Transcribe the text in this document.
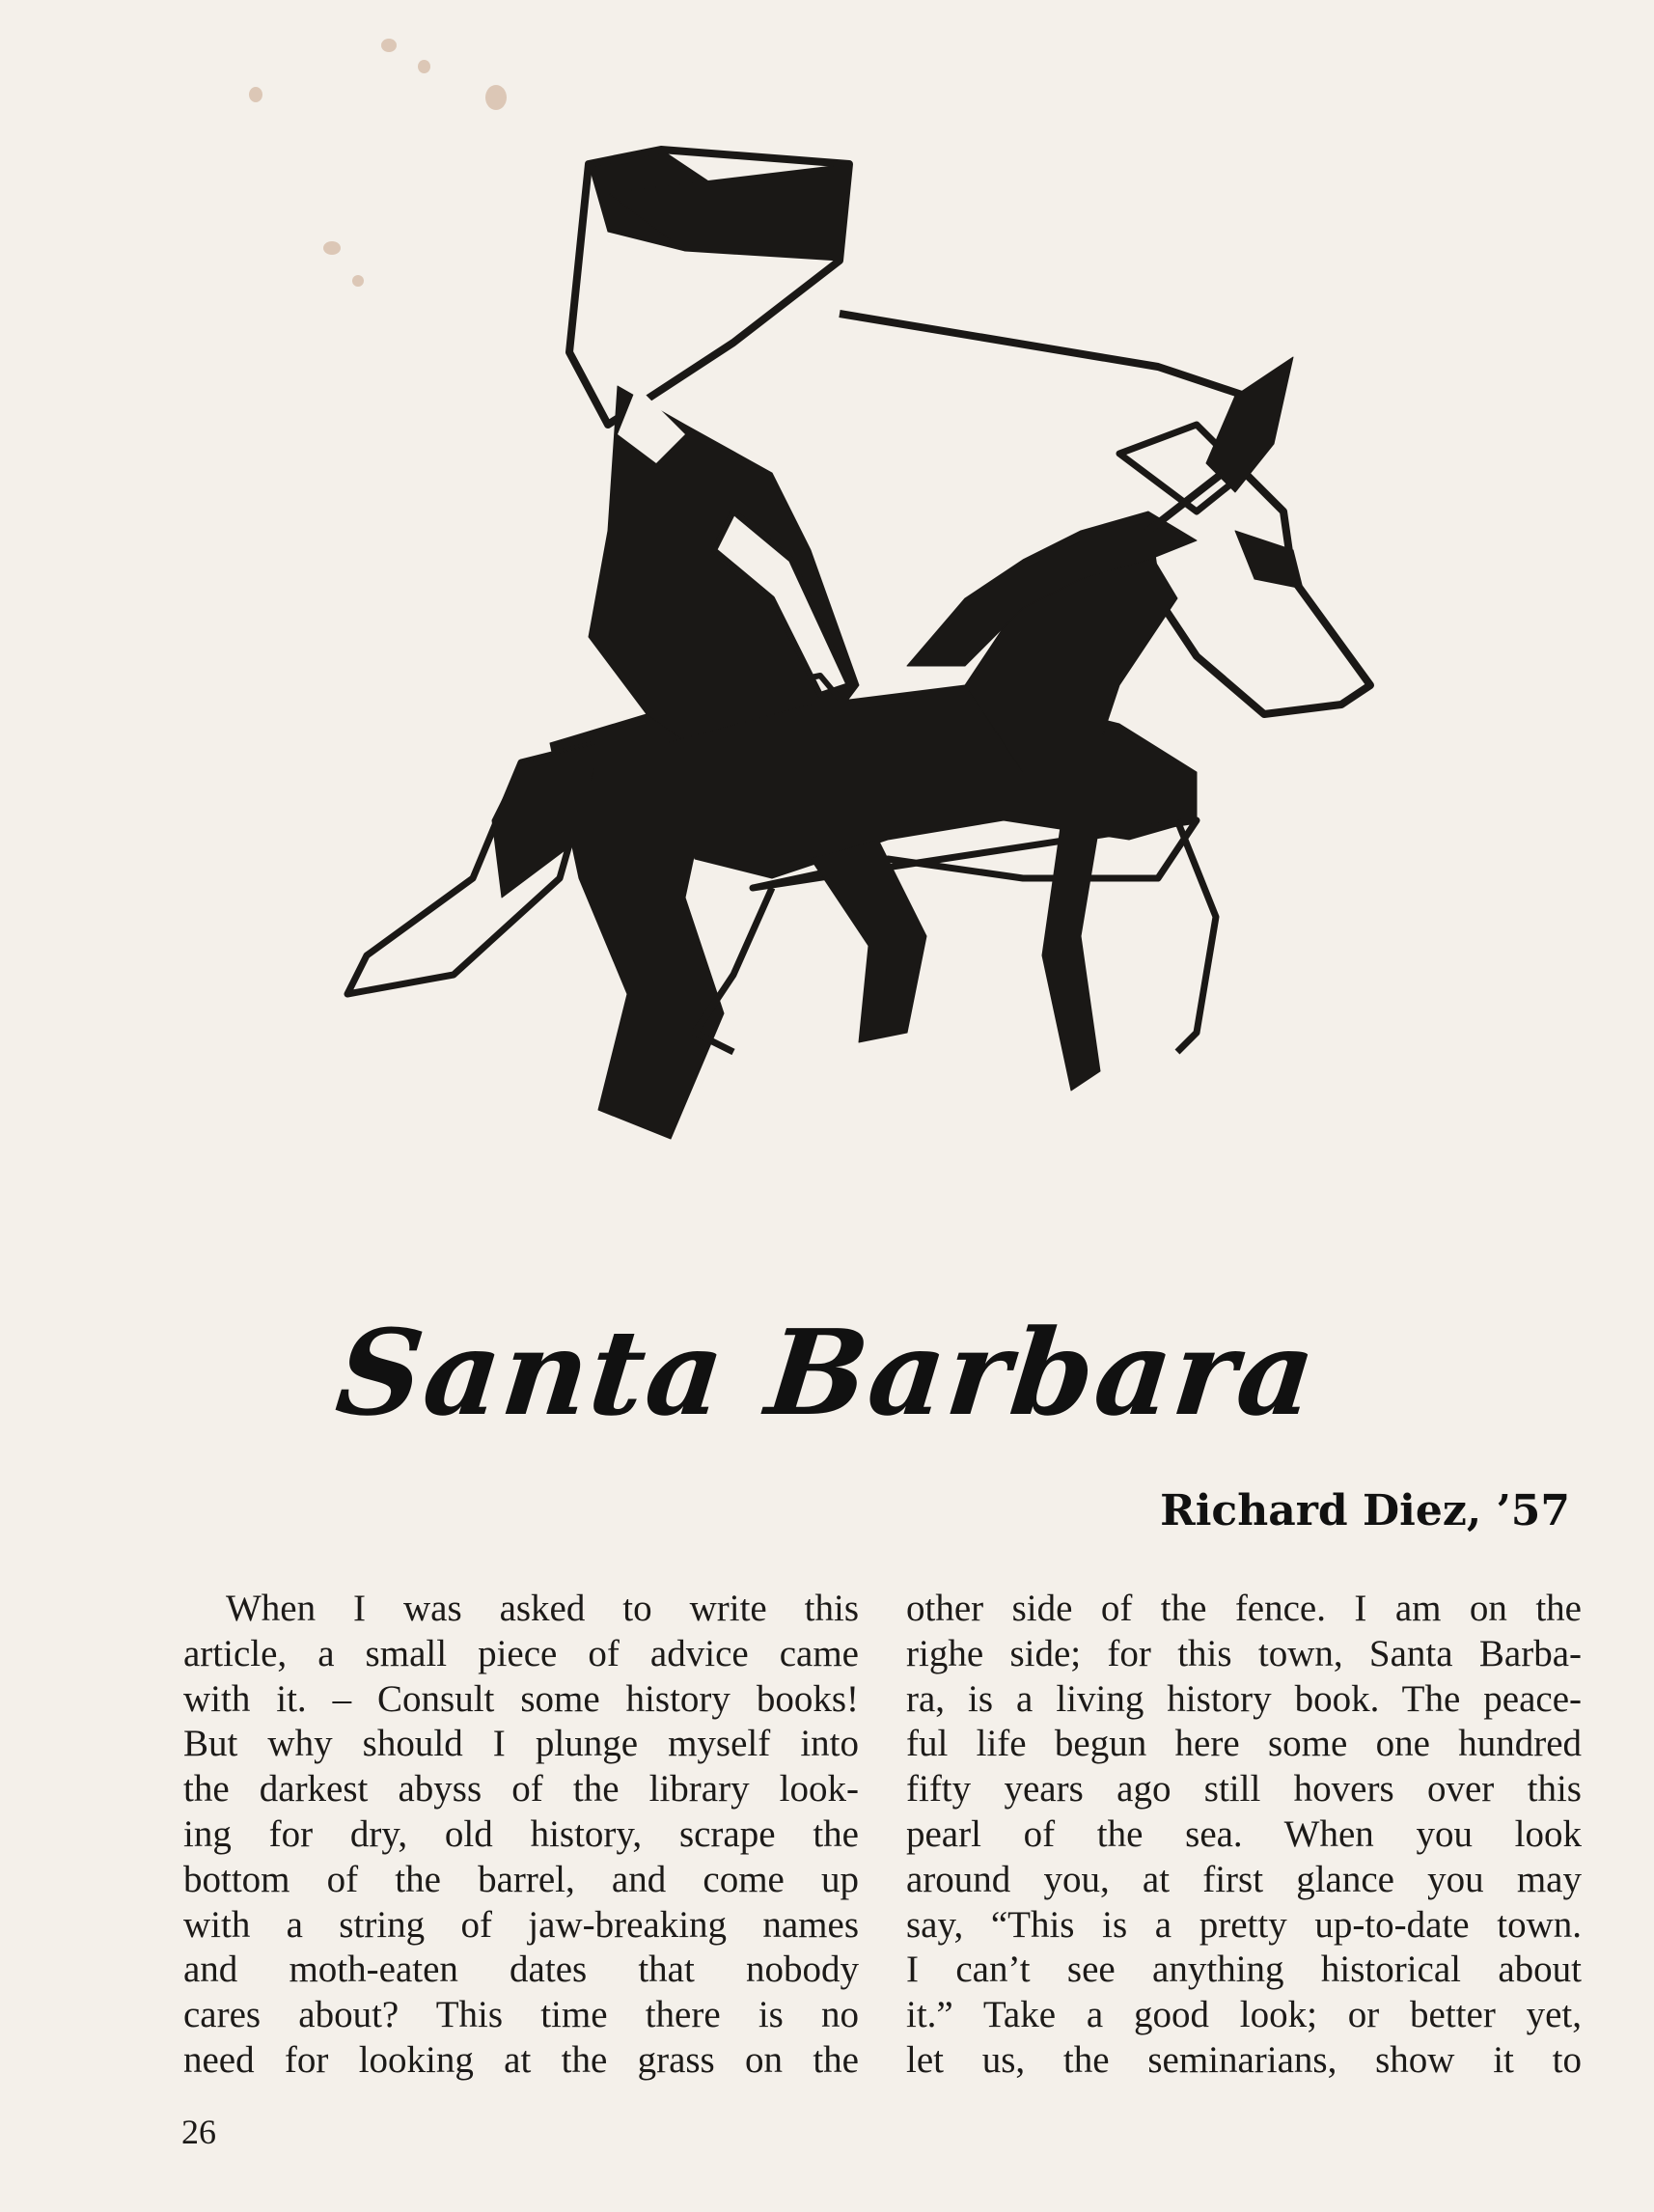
Santa Barbara
Richard Diez, ’57
When I was asked to write this
article, a small piece of advice came
with it. – Consult some history books!
But why should I plunge myself into
the darkest abyss of the library look-
ing for dry, old history, scrape the
bottom of the barrel, and come up
with a string of jaw-breaking names
and moth-eaten dates that nobody
cares about? This time there is no
need for looking at the grass on the
other side of the fence. I am on the
righe side; for this town, Santa Barba-
ra, is a living history book. The peace-
ful life begun here some one hundred
fifty years ago still hovers over this
pearl of the sea. When you look
around you, at first glance you may
say, “This is a pretty up-to-date town.
I can’t see anything historical about
it.” Take a good look; or better yet,
let us, the seminarians, show it to
26
